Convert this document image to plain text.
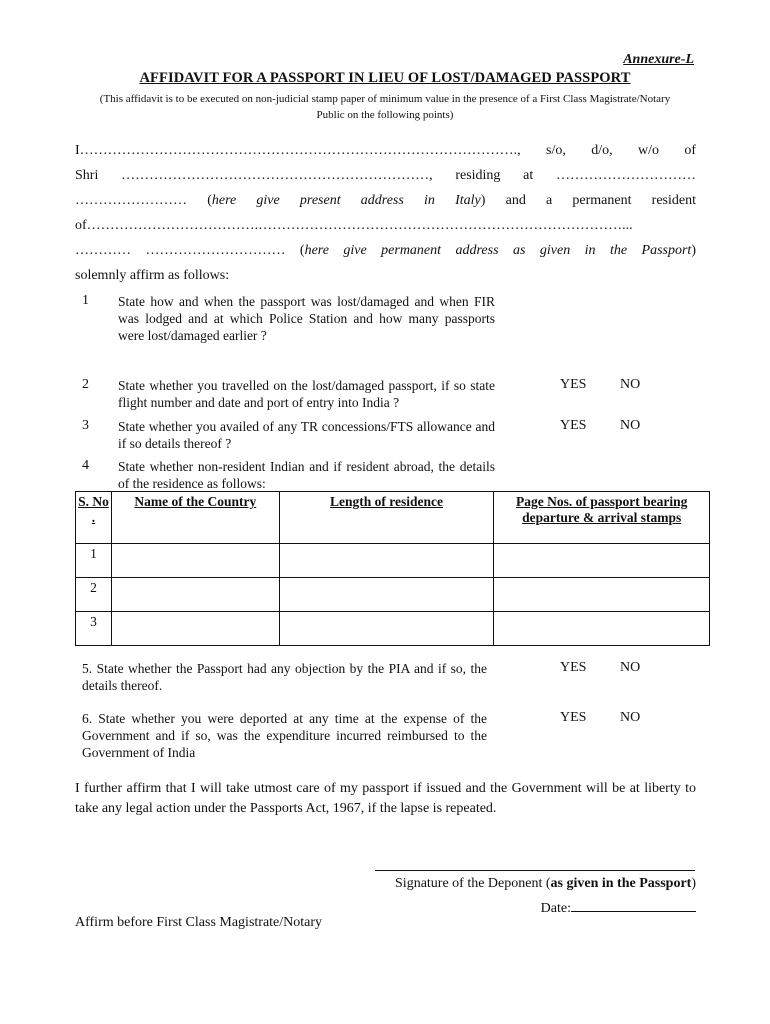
Annexure-L
AFFIDAVIT FOR A PASSPORT IN LIEU OF LOST/DAMAGED PASSPORT
(This affidavit is to be executed on non-judicial stamp paper of minimum value in the presence of a First Class Magistrate/Notary Public on the following points)
I…………………………………………………………………………………., s/o, d/o, w/o of
Shri …………………………………………………………, residing at …………………………
…………………… (here give present address in Italy) and a permanent resident
of……………………………….……………………………………………………………………...
………… ………………………… (here give permanent address as given in the Passport)
solemnly affirm as follows:
1 State how and when the passport was lost/damaged and when FIR was lodged and at which Police Station and how many passports were lost/damaged earlier ?
2 State whether you travelled on the lost/damaged passport, if so state flight number and date and port of entry into India ?
YES NO
3 State whether you availed of any TR concessions/FTS allowance and if so details thereof ?
YES NO
4 State whether non-resident Indian and if resident abroad, the details of the residence as follows:
S. No .	Name of the Country	Length of residence	Page Nos. of passport bearing departure & arrival stamps
1			
2			
3			
5. State whether the Passport had any objection by the PIA and if so, the details thereof.
YES NO
6. State whether you were deported at any time at the expense of the Government and if so, was the expenditure incurred reimbursed to the Government of India
YES NO
I further affirm that I will take utmost care of my passport if issued and the Government will be at liberty to take any legal action under the Passports Act, 1967, if the lapse is repeated.
Signature of the Deponent (as given in the Passport)
Date:
Affirm before First Class Magistrate/Notary
